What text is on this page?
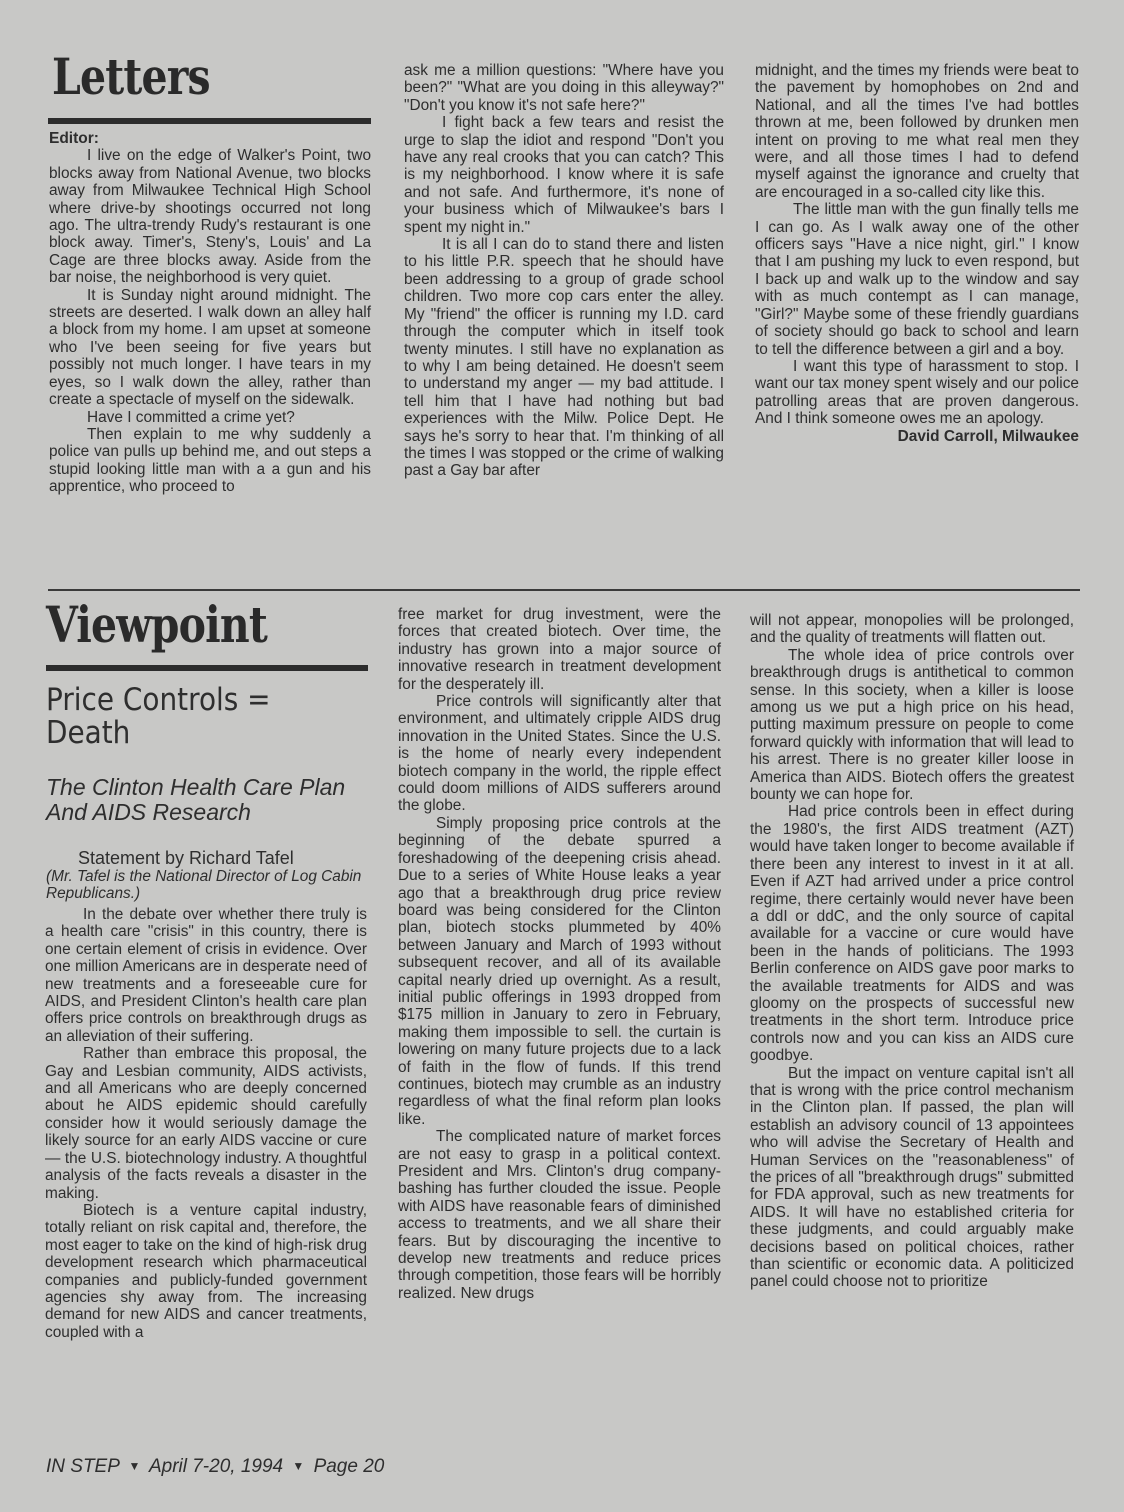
Letters
Editor:

I live on the edge of Walker's Point, two blocks away from National Avenue, two blocks away from Milwaukee Technical High School where drive-by shootings occurred not long ago. The ultra-trendy Rudy's restaurant is one block away. Timer's, Steny's, Louis' and La Cage are three blocks away. Aside from the bar noise, the neighborhood is very quiet.

It is Sunday night around midnight. The streets are deserted. I walk down an alley half a block from my home. I am upset at someone who I've been seeing for five years but possibly not much longer. I have tears in my eyes, so I walk down the alley, rather than create a spectacle of myself on the sidewalk.

Have I committed a crime yet?

Then explain to me why suddenly a police van pulls up behind me, and out steps a stupid looking little man with a a gun and his apprentice, who proceed to

ask me a million questions: "Where have you been?" "What are you doing in this alleyway?" "Don't you know it's not safe here?"

I fight back a few tears and resist the urge to slap the idiot and respond "Don't you have any real crooks that you can catch? This is my neighborhood. I know where it is safe and not safe. And furthermore, it's none of your business which of Milwaukee's bars I spent my night in."

It is all I can do to stand there and listen to his little P.R. speech that he should have been addressing to a group of grade school children. Two more cop cars enter the alley. My "friend" the officer is running my I.D. card through the computer which in itself took twenty minutes. I still have no explanation as to why I am being detained. He doesn't seem to understand my anger — my bad attitude. I tell him that I have had nothing but bad experiences with the Milw. Police Dept. He says he's sorry to hear that. I'm thinking of all the times I was stopped or the crime of walking past a Gay bar after

midnight, and the times my friends were beat to the pavement by homophobes on 2nd and National, and all the times I've had bottles thrown at me, been followed by drunken men intent on proving to me what real men they were, and all those times I had to defend myself against the ignorance and cruelty that are encouraged in a so-called city like this.

The little man with the gun finally tells me I can go. As I walk away one of the other officers says "Have a nice night, girl." I know that I am pushing my luck to even respond, but I back up and walk up to the window and say with as much contempt as I can manage, "Girl?" Maybe some of these friendly guardians of society should go back to school and learn to tell the difference between a girl and a boy.

I want this type of harassment to stop. I want our tax money spent wisely and our police patrolling areas that are proven dangerous. And I think someone owes me an apology.

David Carroll, Milwaukee
Viewpoint
Price Controls = Death
The Clinton Health Care Plan And AIDS Research
Statement by Richard Tafel
(Mr. Tafel is the National Director of Log Cabin Republicans.)

In the debate over whether there truly is a health care "crisis" in this country, there is one certain element of crisis in evidence. Over one million Americans are in desperate need of new treatments and a foreseeable cure for AIDS, and President Clinton's health care plan offers price controls on breakthrough drugs as an alleviation of their suffering.

Rather than embrace this proposal, the Gay and Lesbian community, AIDS activists, and all Americans who are deeply concerned about he AIDS epidemic should carefully consider how it would seriously damage the likely source for an early AIDS vaccine or cure — the U.S. biotechnology industry. A thoughtful analysis of the facts reveals a disaster in the making.

Biotech is a venture capital industry, totally reliant on risk capital and, therefore, the most eager to take on the kind of high-risk drug development research which pharmaceutical companies and publicly-funded government agencies shy away from. The increasing demand for new AIDS and cancer treatments, coupled with a

free market for drug investment, were the forces that created biotech. Over time, the industry has grown into a major source of innovative research in treatment development for the desperately ill.

Price controls will significantly alter that environment, and ultimately cripple AIDS drug innovation in the United States. Since the U.S. is the home of nearly every independent biotech company in the world, the ripple effect could doom millions of AIDS sufferers around the globe.

Simply proposing price controls at the beginning of the debate spurred a foreshadowing of the deepening crisis ahead. Due to a series of White House leaks a year ago that a breakthrough drug price review board was being considered for the Clinton plan, biotech stocks plummeted by 40% between January and March of 1993 without subsequent recover, and all of its available capital nearly dried up overnight. As a result, initial public offerings in 1993 dropped from $175 million in January to zero in February, making them impossible to sell. the curtain is lowering on many future projects due to a lack of faith in the flow of funds. If this trend continues, biotech may crumble as an industry regardless of what the final reform plan looks like.

The complicated nature of market forces are not easy to grasp in a political context. President and Mrs. Clinton's drug company-bashing has further clouded the issue. People with AIDS have reasonable fears of diminished access to treatments, and we all share their fears. But by discouraging the incentive to develop new treatments and reduce prices through competition, those fears will be horribly realized. New drugs

will not appear, monopolies will be prolonged, and the quality of treatments will flatten out.

The whole idea of price controls over breakthrough drugs is antithetical to common sense. In this society, when a killer is loose among us we put a high price on his head, putting maximum pressure on people to come forward quickly with information that will lead to his arrest. There is no greater killer loose in America than AIDS. Biotech offers the greatest bounty we can hope for.

Had price controls been in effect during the 1980's, the first AIDS treatment (AZT) would have taken longer to become available if there been any interest to invest in it at all. Even if AZT had arrived under a price control regime, there certainly would never have been a ddI or ddC, and the only source of capital available for a vaccine or cure would have been in the hands of politicians. The 1993 Berlin conference on AIDS gave poor marks to the available treatments for AIDS and was gloomy on the prospects of successful new treatments in the short term. Introduce price controls now and you can kiss an AIDS cure goodbye.

But the impact on venture capital isn't all that is wrong with the price control mechanism in the Clinton plan. If passed, the plan will establish an advisory council of 13 appointees who will advise the Secretary of Health and Human Services on the "reasonableness" of the prices of all "breakthrough drugs" submitted for FDA approval, such as new treatments for AIDS. It will have no established criteria for these judgments, and could arguably make decisions based on political choices, rather than scientific or economic data. A politicized panel could choose not to prioritize

IN STEP ▼ April 7-20, 1994 ▼ Page 20
